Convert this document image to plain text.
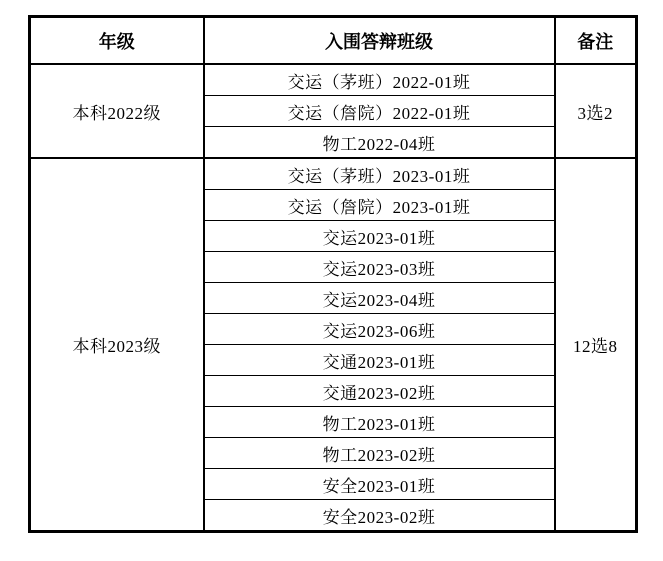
年级	入围答辩班级	备注
本科2022级	交运（茅班）2022-01班	3选2
	交运（詹院）2022-01班	
	物工2022-04班	
本科2023级	交运（茅班）2023-01班	12选8
	交运（詹院）2023-01班	
	交运2023-01班	
	交运2023-03班	
	交运2023-04班	
	交运2023-06班	
	交通2023-01班	
	交通2023-02班	
	物工2023-01班	
	物工2023-02班	
	安全2023-01班	
	安全2023-02班	
